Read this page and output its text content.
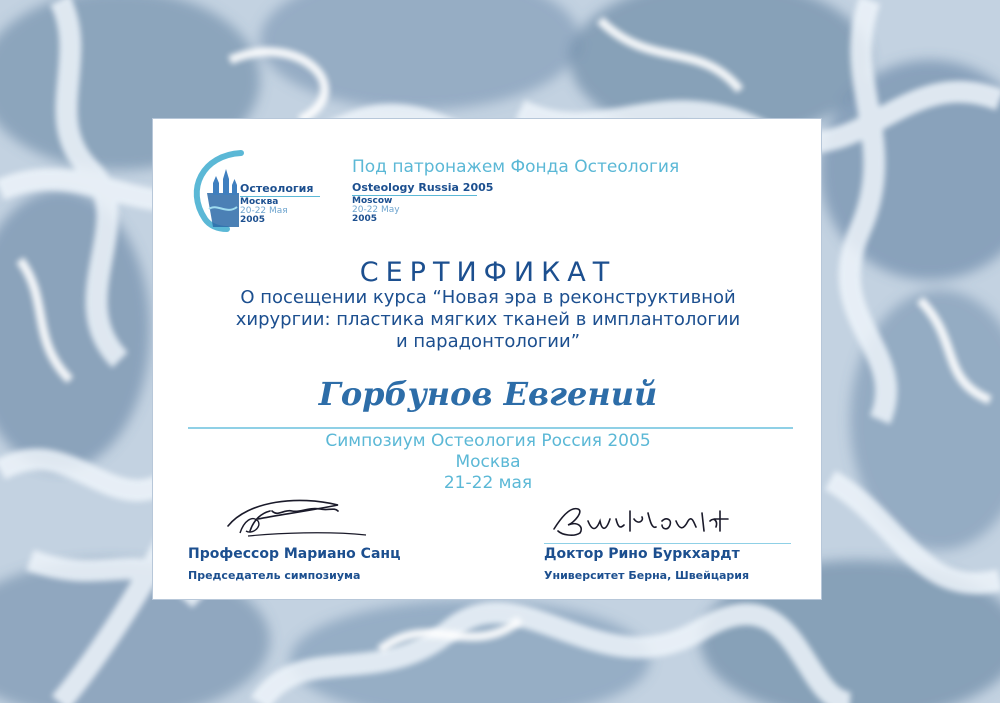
Остеология
Москва
20-22 Мая
2005
Под патронажем Фонда Остеология
Osteology Russia 2005
Moscow
20-22 May
2005
СЕРТИФИКАТ
О посещении курса “Новая эра в реконструктивной
хирургии: пластика мягких тканей в имплантологии
и парадонтологии”
Горбунов Евгений
Симпозиум Остеология Россия 2005
Москва
21-22 мая
Профессор Мариано Санц
Председатель симпозиума
Доктор Рино Буркхардт
Университет Берна, Швейцария
